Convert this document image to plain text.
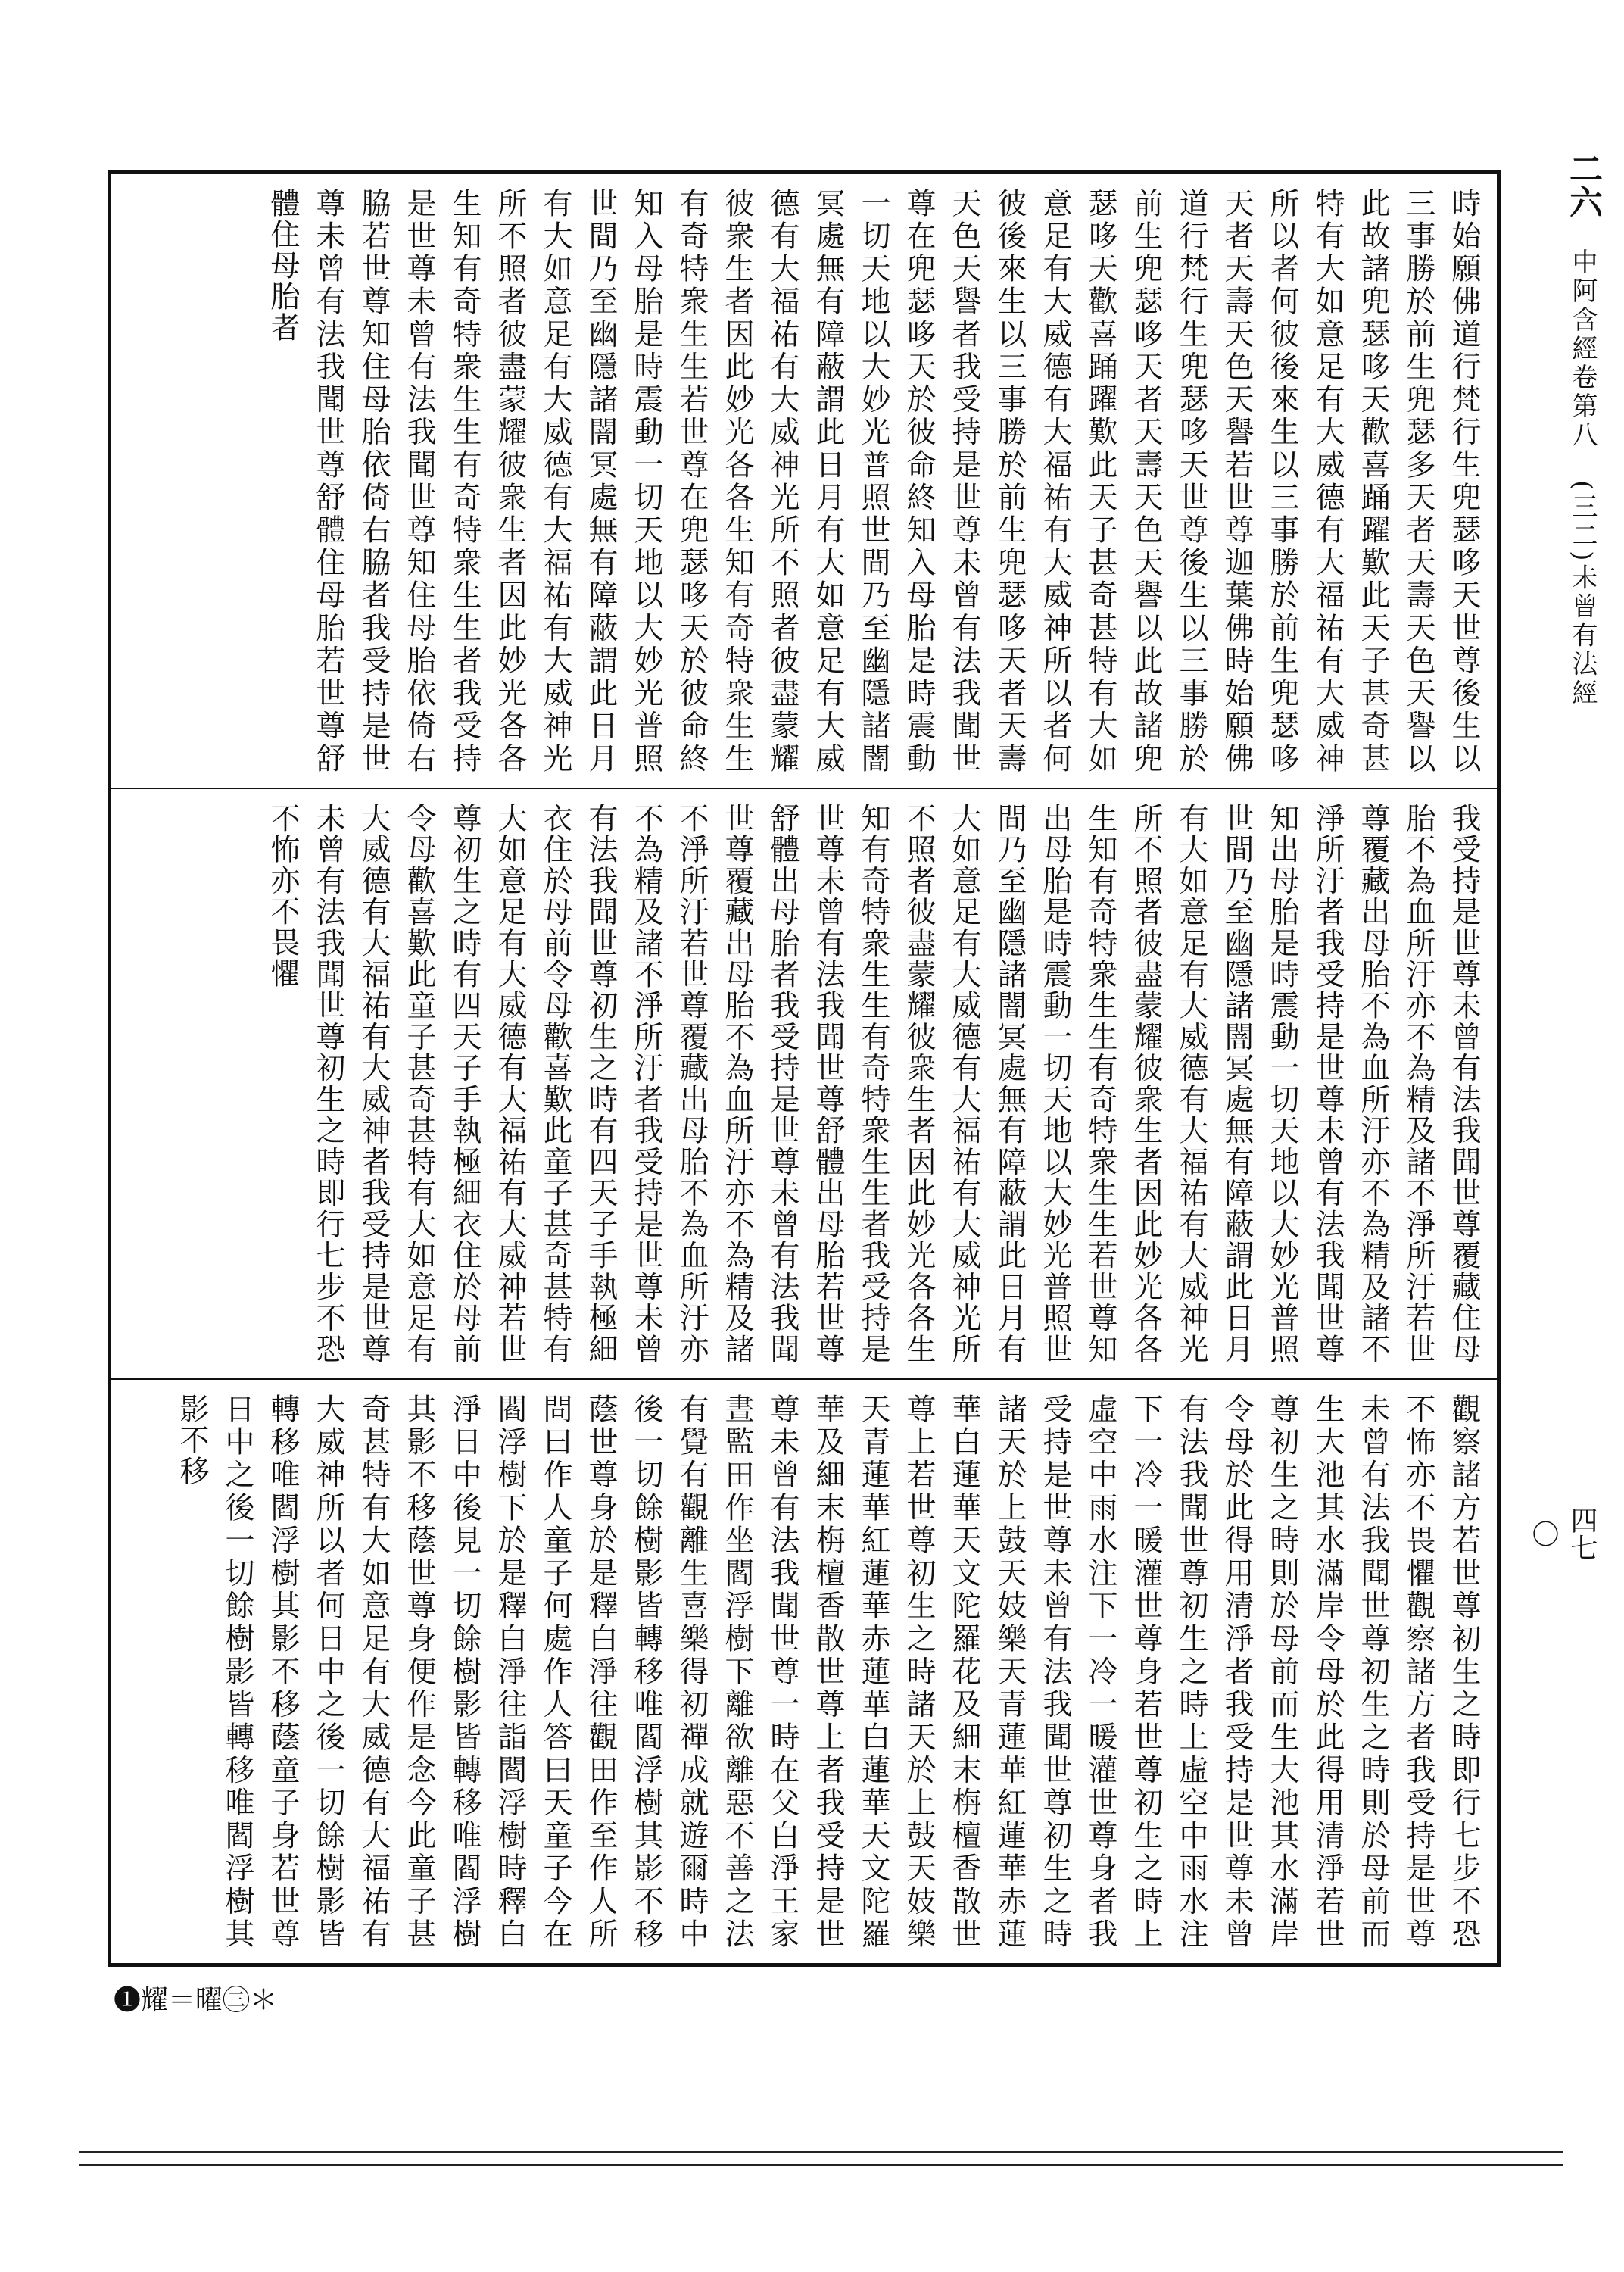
二六
中阿含經卷第八
(三二)未曾有法經
四七〇

時始願佛道行梵行生兜瑟哆天世尊後生以三事勝於前生兜瑟多天者天壽天色天譽以此故諸兜瑟哆天歡喜踊躍歎此天子甚奇甚特有大如意足有大威德有大福祐有大威神所以者何彼後來生以三事勝於前生兜瑟哆天者天壽天色天譽若世尊迦葉佛時始願佛道行梵行生兜瑟哆天世尊後生以三事勝於前生兜瑟哆天者天壽天色天譽以此故諸兜瑟哆天歡喜踊躍歎此天子甚奇甚特有大如意足有大威德有大福祐有大威神所以者何彼後來生以三事勝於前生兜瑟哆天者天壽天色天譽者我受持是世尊未曾有法我聞世尊在兜瑟哆天於彼命終知入母胎是時震動一切天地以大妙光普照世間乃至幽隱諸闇冥處無有障蔽謂此日月有大如意足有大威德有大福祐有大威神光所不照者彼盡蒙耀彼衆生者因此妙光各各生知有奇特衆生生有奇特衆生生若世尊在兜瑟哆天於彼命終知入母胎是時震動一切天地以大妙光普照世間乃至幽隱諸闇冥處無有障蔽謂此日月有大如意足有大威德有大福祐有大威神光所不照者彼盡蒙耀彼衆生者因此妙光各各生知有奇特衆生生有奇特衆生生者我受持是世尊未曾有法我聞世尊知住母胎依倚右脇若世尊知住母胎依倚右脇者我受持是世尊未曾有法我聞世尊舒體住母胎若世尊舒體住母胎者

我受持是世尊未曾有法我聞世尊覆藏住母胎不為血所汙亦不為精及諸不淨所汙若世尊覆藏出母胎不為血所汙亦不為精及諸不淨所汙者我受持是世尊未曾有法我聞世尊知出母胎是時震動一切天地以大妙光普照世間乃至幽隱諸闇冥處無有障蔽謂此日月有大如意足有大威德有大福祐有大威神光所不照者彼盡蒙耀彼衆生者因此妙光各各生知有奇特衆生生有奇特衆生生若世尊知出母胎是時震動一切天地以大妙光普照世間乃至幽隱諸闇冥處無有障蔽謂此日月有大如意足有大威德有大福祐有大威神光所不照者彼盡蒙耀彼衆生者因此妙光各各生知有奇特衆生生有奇特衆生生者我受持是世尊未曾有法我聞世尊舒體出母胎若世尊舒體出母胎者我受持是世尊未曾有法我聞世尊覆藏出母胎不為血所汙亦不為精及諸不淨所汙若世尊覆藏出母胎不為血所汙亦不為精及諸不淨所汙者我受持是世尊未曾有法我聞世尊初生之時有四天子手執極細衣住於母前令母歡喜歎此童子甚奇甚特有大如意足有大威德有大福祐有大威神若世尊初生之時有四天子手執極細衣住於母前令母歡喜歎此童子甚奇甚特有大如意足有大威德有大福祐有大威神者我受持是世尊未曾有法我聞世尊初生之時即行七步不恐不怖亦不畏懼

觀察諸方若世尊初生之時即行七步不恐不怖亦不畏懼觀察諸方者我受持是世尊未曾有法我聞世尊初生之時則於母前而生大池其水滿岸令母於此得用清淨若世尊初生之時則於母前而生大池其水滿岸令母於此得用清淨者我受持是世尊未曾有法我聞世尊初生之時上虛空中雨水注下一冷一暖灌世尊身若世尊初生之時上虛空中雨水注下一冷一暖灌世尊身者我受持是世尊未曾有法我聞世尊初生之時諸天於上鼓天妓樂天青蓮華紅蓮華赤蓮華白蓮華天文陀羅花及細末栴檀香散世尊上若世尊初生之時諸天於上鼓天妓樂天青蓮華紅蓮華赤蓮華白蓮華天文陀羅華及細末栴檀香散世尊上者我受持是世尊未曾有法我聞世尊一時在父白淨王家晝監田作坐閻浮樹下離欲離惡不善之法有覺有觀離生喜樂得初禪成就遊爾時中後一切餘樹影皆轉移唯閻浮樹其影不移蔭世尊身於是釋白淨往觀田作至作人所問曰作人童子何處作人答曰天童子今在閻浮樹下於是釋白淨往詣閻浮樹時釋白淨日中後見一切餘樹影皆轉移唯閻浮樹其影不移蔭世尊身便作是念今此童子甚奇甚特有大如意足有大威德有大福祐有大威神所以者何日中之後一切餘樹影皆轉移唯閻浮樹其影不移蔭童子身若世尊日中之後一切餘樹影皆轉移唯閻浮樹其影不移

❶耀＝曜㊂＊
